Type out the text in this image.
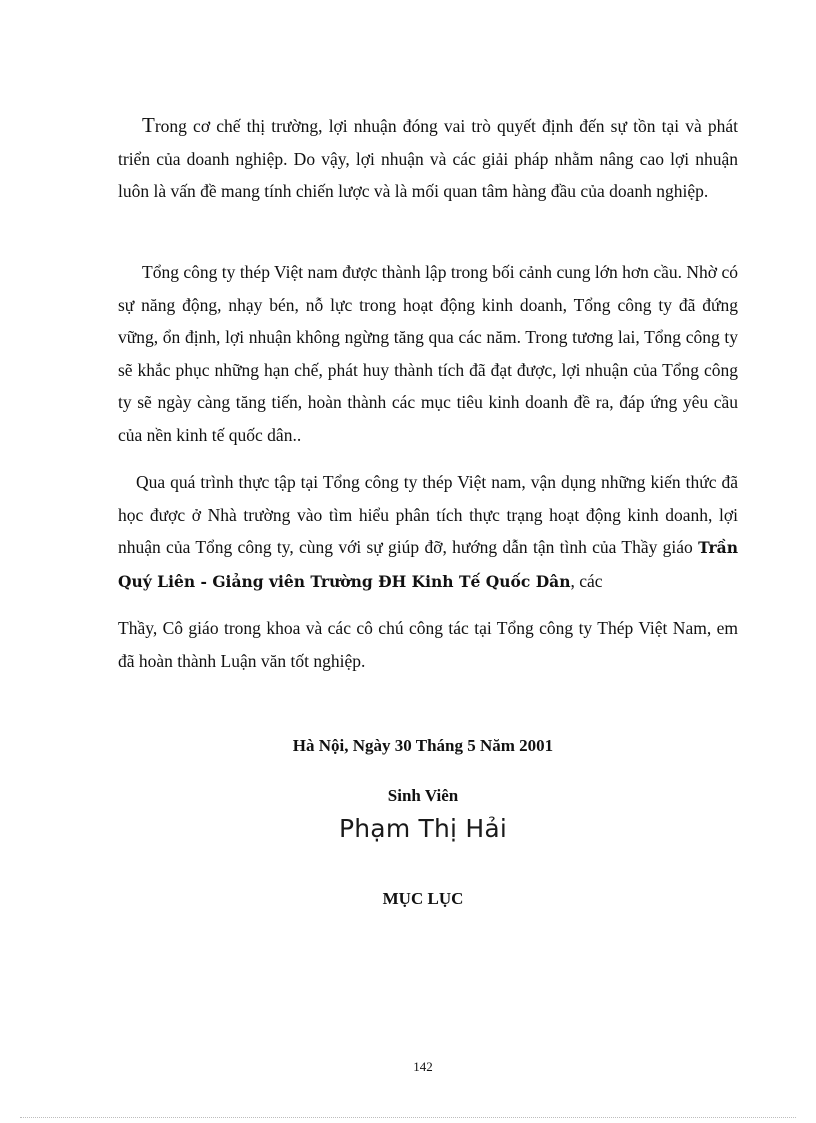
Trong cơ chế thị trường, lợi nhuận đóng vai trò quyết định đến sự tồn tại và phát triển của doanh nghiệp. Do vậy, lợi nhuận và các giải pháp nhằm nâng cao lợi nhuận luôn là vấn đề mang tính chiến lược và là mối quan tâm hàng đầu của doanh nghiệp.

Tổng công ty thép Việt nam được thành lập trong bối cảnh cung lớn hơn cầu. Nhờ có sự năng động, nhạy bén, nỗ lực trong hoạt động kinh doanh, Tổng công ty đã đứng vững, ổn định, lợi nhuận không ngừng tăng qua các năm. Trong tương lai, Tổng công ty sẽ khắc phục những hạn chế, phát huy thành tích đã đạt được, lợi nhuận của Tổng công ty sẽ ngày càng tăng tiến, hoàn thành các mục tiêu kinh doanh đề ra, đáp ứng yêu cầu của nền kinh tế quốc dân..

Qua quá trình thực tập tại Tổng công ty thép Việt nam, vận dụng những kiến thức đã học được ở Nhà trường vào tìm hiểu phân tích thực trạng hoạt động kinh doanh, lợi nhuận của Tổng công ty, cùng với sự giúp đỡ, hướng dẫn tận tình của Thầy giáo Trần Quý Liên - Giảng viên Trường ĐH Kinh Tế Quốc Dân, các

Thầy, Cô giáo trong khoa và các cô chú công tác tại Tổng công ty Thép Việt Nam, em đã hoàn thành Luận văn tốt nghiệp.

Hà Nội, Ngày 30 Tháng 5 Năm 2001

Sinh Viên

Phạm Thị Hải

MỤC LỤC

142
